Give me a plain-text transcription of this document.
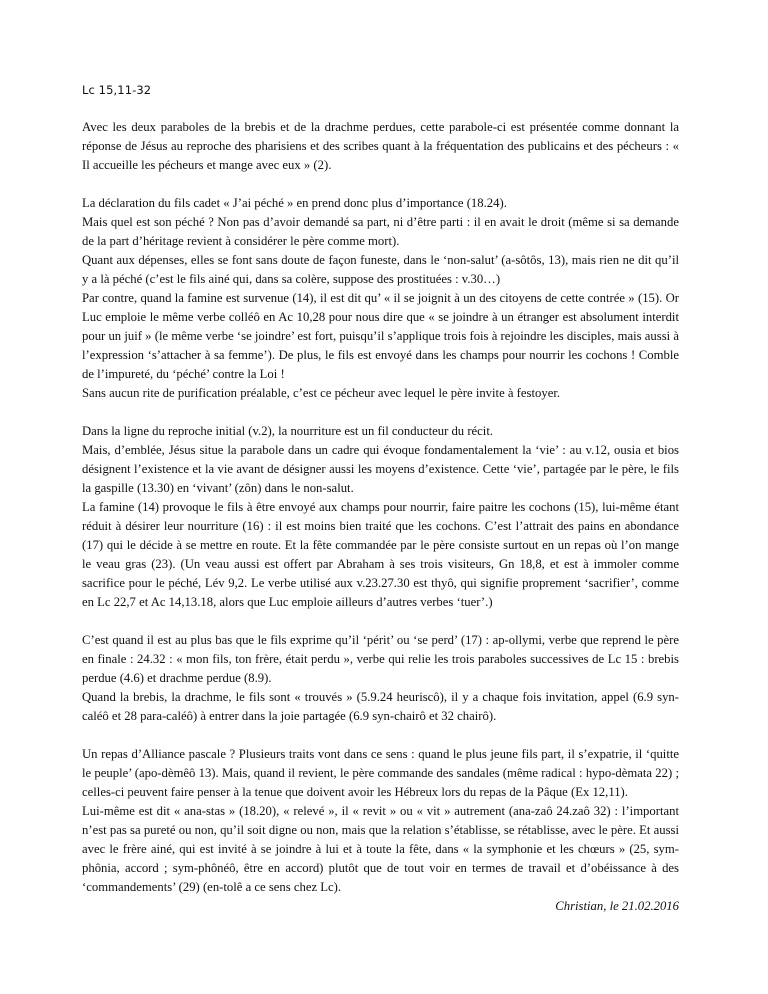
Lc 15,11-32

Avec les deux paraboles de la brebis et de la drachme perdues, cette parabole-ci est présentée comme donnant la réponse de Jésus au reproche des pharisiens et des scribes quant à la fréquentation des publicains et des pécheurs : « Il accueille les pécheurs et mange avec eux » (2).

La déclaration du fils cadet « J’ai péché » en prend donc plus d’importance (18.24).
Mais quel est son péché ? Non pas d’avoir demandé sa part, ni d’être parti : il en avait le droit (même si sa demande de la part d’héritage revient à considérer le père comme mort).
Quant aux dépenses, elles se font sans doute de façon funeste, dans le ‘non-salut’ (a-sôtôs, 13), mais rien ne dit qu’il y a là péché (c’est le fils ainé qui, dans sa colère, suppose des prostituées : v.30…)
Par contre, quand la famine est survenue (14), il est dit qu’ « il se joignit à un des citoyens de cette contrée » (15). Or Luc emploie le même verbe colléô en Ac 10,28 pour nous dire que « se joindre à un étranger est absolument interdit pour un juif » (le même verbe ‘se joindre’ est fort, puisqu’il s’applique trois fois à rejoindre les disciples, mais aussi à l’expression ‘s’attacher à sa femme’). De plus, le fils est envoyé dans les champs pour nourrir les cochons ! Comble de l’impureté, du ‘péché’ contre la Loi !
Sans aucun rite de purification préalable, c’est ce pécheur avec lequel le père invite à festoyer.

Dans la ligne du reproche initial (v.2), la nourriture est un fil conducteur du récit.
Mais, d’emblée, Jésus situe la parabole dans un cadre qui évoque fondamentalement la ‘vie’ : au v.12, ousia et bios désignent l’existence et la vie avant de désigner aussi les moyens d’existence. Cette ‘vie’, partagée par le père, le fils la gaspille (13.30) en ‘vivant’ (zôn) dans le non-salut.
La famine (14) provoque le fils à être envoyé aux champs pour nourrir, faire paitre les cochons (15), lui-même étant réduit à désirer leur nourriture (16) : il est moins bien traité que les cochons. C’est l’attrait des pains en abondance (17) qui le décide à se mettre en route. Et la fête commandée par le père consiste surtout en un repas où l’on mange le veau gras (23). (Un veau aussi est offert par Abraham à ses trois visiteurs, Gn 18,8, et est à immoler comme sacrifice pour le péché, Lév 9,2. Le verbe utilisé aux v.23.27.30 est thyô, qui signifie proprement ‘sacrifier’, comme en Lc 22,7 et Ac 14,13.18, alors que Luc emploie ailleurs d’autres verbes ‘tuer’.)

C’est quand il est au plus bas que le fils exprime qu’il ‘périt’ ou ‘se perd’ (17) : ap-ollymi, verbe que reprend le père en finale : 24.32 : « mon fils, ton frère, était perdu », verbe qui relie les trois paraboles successives de Lc 15 : brebis perdue (4.6) et drachme perdue (8.9).
Quand la brebis, la drachme, le fils sont « trouvés » (5.9.24 heuriscô), il y a chaque fois invitation, appel (6.9 syn-caléô et 28 para-caléô) à entrer dans la joie partagée (6.9 syn-chairô et 32 chairô).

Un repas d’Alliance pascale ? Plusieurs traits vont dans ce sens : quand le plus jeune fils part, il s’expatrie, il ‘quitte le peuple’ (apo-dèmêô 13). Mais, quand il revient, le père commande des sandales (même radical : hypo-dèmata 22) ; celles-ci peuvent faire penser à la tenue que doivent avoir les Hébreux lors du repas de la Pâque (Ex 12,11).
Lui-même est dit « ana-stas » (18.20), « relevé », il « revit » ou « vit » autrement (ana-zaô 24.zaô 32) : l’important n’est pas sa pureté ou non, qu’il soit digne ou non, mais que la relation s’établisse, se rétablisse, avec le père. Et aussi avec le frère ainé, qui est invité à se joindre à lui et à toute la fête, dans « la symphonie et les chœurs » (25, sym-phônia, accord ; sym-phônéô, être en accord) plutôt que de tout voir en termes de travail et d’obéissance à des ‘commandements’ (29) (en-tolê a ce sens chez Lc).
Christian, le 21.02.2016
